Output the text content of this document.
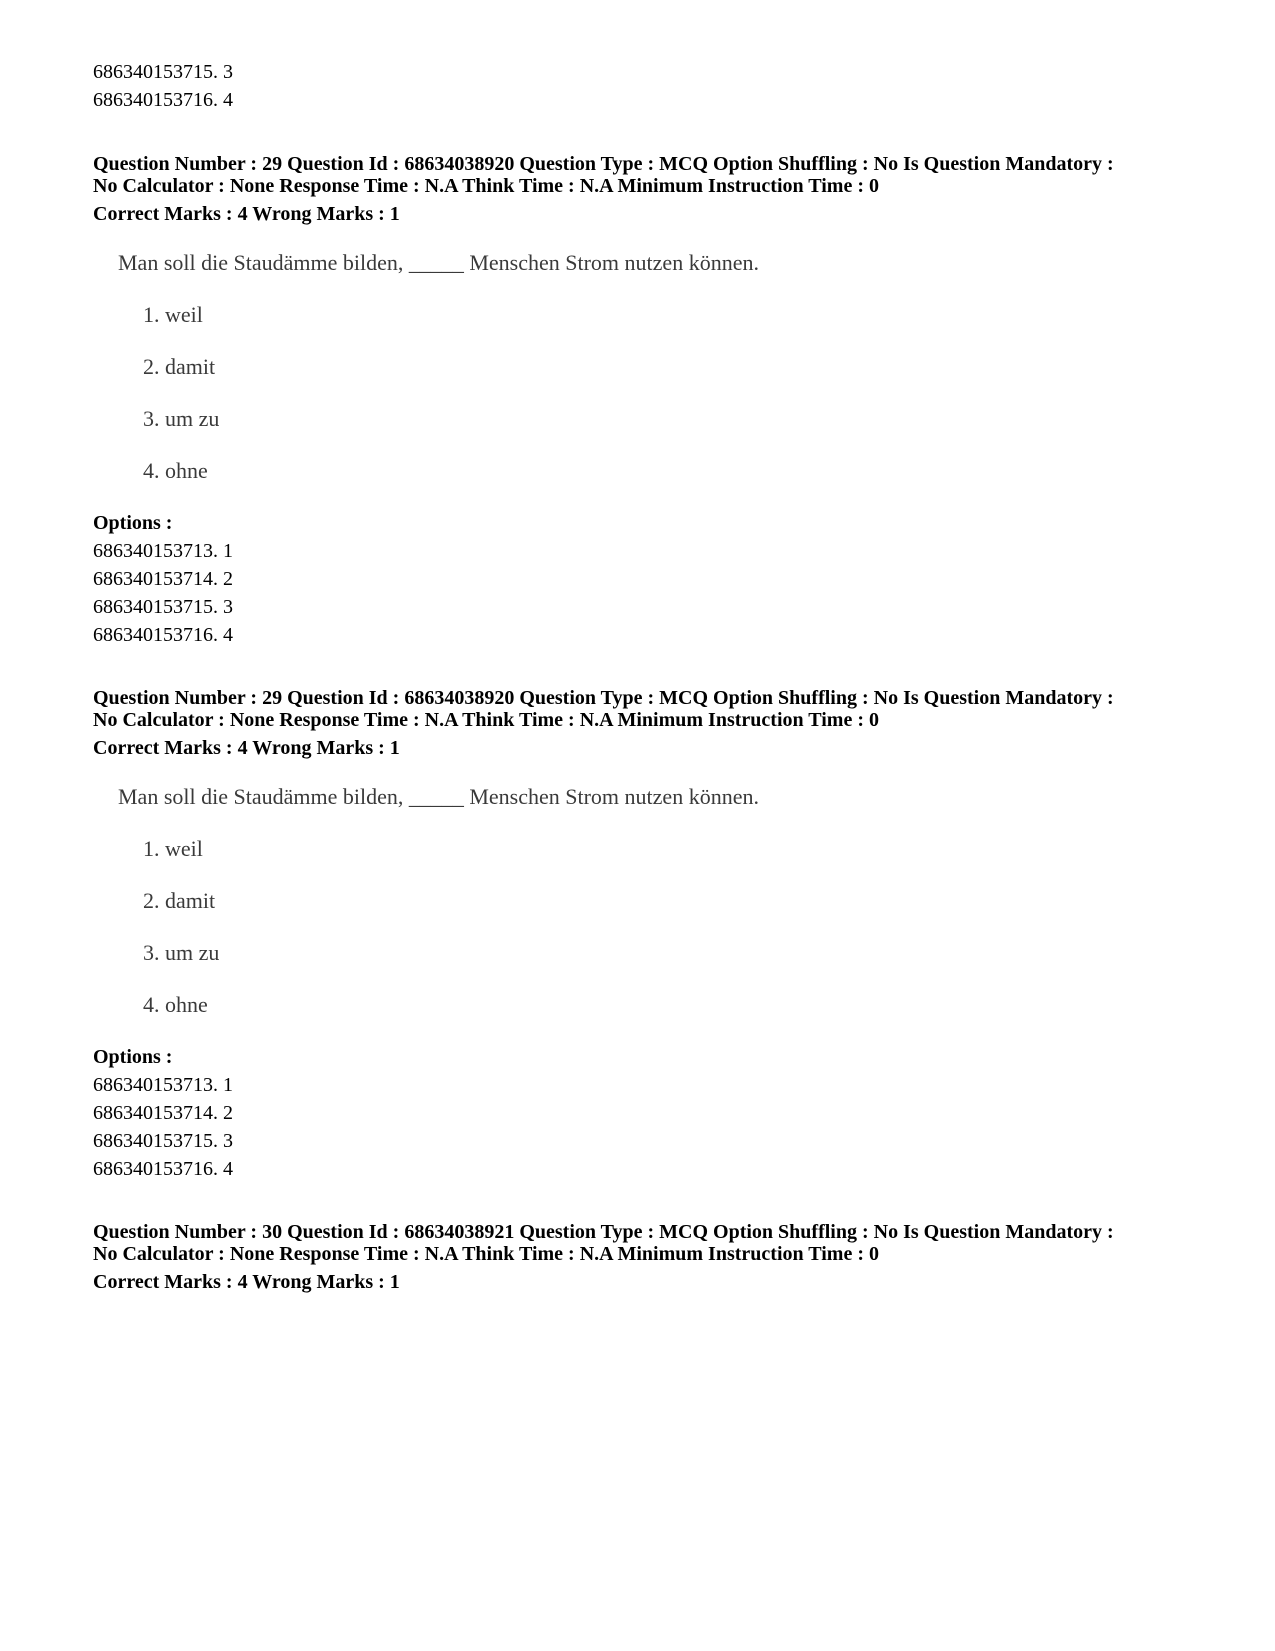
686340153715. 3
686340153716. 4
Question Number : 29 Question Id : 68634038920 Question Type : MCQ Option Shuffling : No Is Question Mandatory :
No Calculator : None Response Time : N.A Think Time : N.A Minimum Instruction Time : 0
Correct Marks : 4 Wrong Marks : 1
Man soll die Staudämme bilden, _____ Menschen Strom nutzen können.
1. weil
2. damit
3. um zu
4. ohne
Options :
686340153713. 1
686340153714. 2
686340153715. 3
686340153716. 4
Question Number : 29 Question Id : 68634038920 Question Type : MCQ Option Shuffling : No Is Question Mandatory :
No Calculator : None Response Time : N.A Think Time : N.A Minimum Instruction Time : 0
Correct Marks : 4 Wrong Marks : 1
Man soll die Staudämme bilden, _____ Menschen Strom nutzen können.
1. weil
2. damit
3. um zu
4. ohne
Options :
686340153713. 1
686340153714. 2
686340153715. 3
686340153716. 4
Question Number : 30 Question Id : 68634038921 Question Type : MCQ Option Shuffling : No Is Question Mandatory :
No Calculator : None Response Time : N.A Think Time : N.A Minimum Instruction Time : 0
Correct Marks : 4 Wrong Marks : 1
